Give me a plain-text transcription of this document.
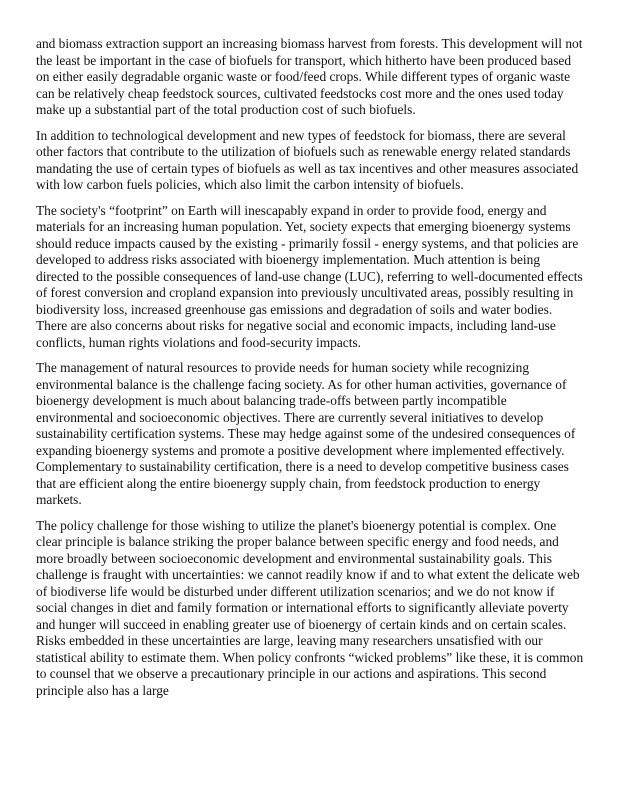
and biomass extraction support an increasing biomass harvest from forests. This development will not the least be important in the case of biofuels for transport, which hitherto have been produced based on either easily degradable organic waste or food/feed crops. While different types of organic waste can be relatively cheap feedstock sources, cultivated feedstocks cost more and the ones used today make up a substantial part of the total production cost of such biofuels.

In addition to technological development and new types of feedstock for biomass, there are several other factors that contribute to the utilization of biofuels such as renewable energy related standards mandating the use of certain types of biofuels as well as tax incentives and other measures associated with low carbon fuels policies, which also limit the carbon intensity of biofuels.

The society's “footprint” on Earth will inescapably expand in order to provide food, energy and materials for an increasing human population. Yet, society expects that emerging bioenergy systems should reduce impacts caused by the existing - primarily fossil - energy systems, and that policies are developed to address risks associated with bioenergy implementation. Much attention is being directed to the possible consequences of land-use change (LUC), referring to well-documented effects of forest conversion and cropland expansion into previously uncultivated areas, possibly resulting in biodiversity loss, increased greenhouse gas emissions and degradation of soils and water bodies. There are also concerns about risks for negative social and economic impacts, including land-use conflicts, human rights violations and food-security impacts.

The management of natural resources to provide needs for human society while recognizing environmental balance is the challenge facing society. As for other human activities, governance of bioenergy development is much about balancing trade-offs between partly incompatible environmental and socioeconomic objectives. There are currently several initiatives to develop sustainability certification systems. These may hedge against some of the undesired consequences of expanding bioenergy systems and promote a positive development where implemented effectively. Complementary to sustainability certification, there is a need to develop competitive business cases that are efficient along the entire bioenergy supply chain, from feedstock production to energy markets.

The policy challenge for those wishing to utilize the planet's bioenergy potential is complex. One clear principle is balance striking the proper balance between specific energy and food needs, and more broadly between socioeconomic development and environmental sustainability goals. This challenge is fraught with uncertainties: we cannot readily know if and to what extent the delicate web of biodiverse life would be disturbed under different utilization scenarios; and we do not know if social changes in diet and family formation or international efforts to significantly alleviate poverty and hunger will succeed in enabling greater use of bioenergy of certain kinds and on certain scales. Risks embedded in these uncertainties are large, leaving many researchers unsatisfied with our statistical ability to estimate them. When policy confronts “wicked problems” like these, it is common to counsel that we observe a precautionary principle in our actions and aspirations. This second principle also has a large
